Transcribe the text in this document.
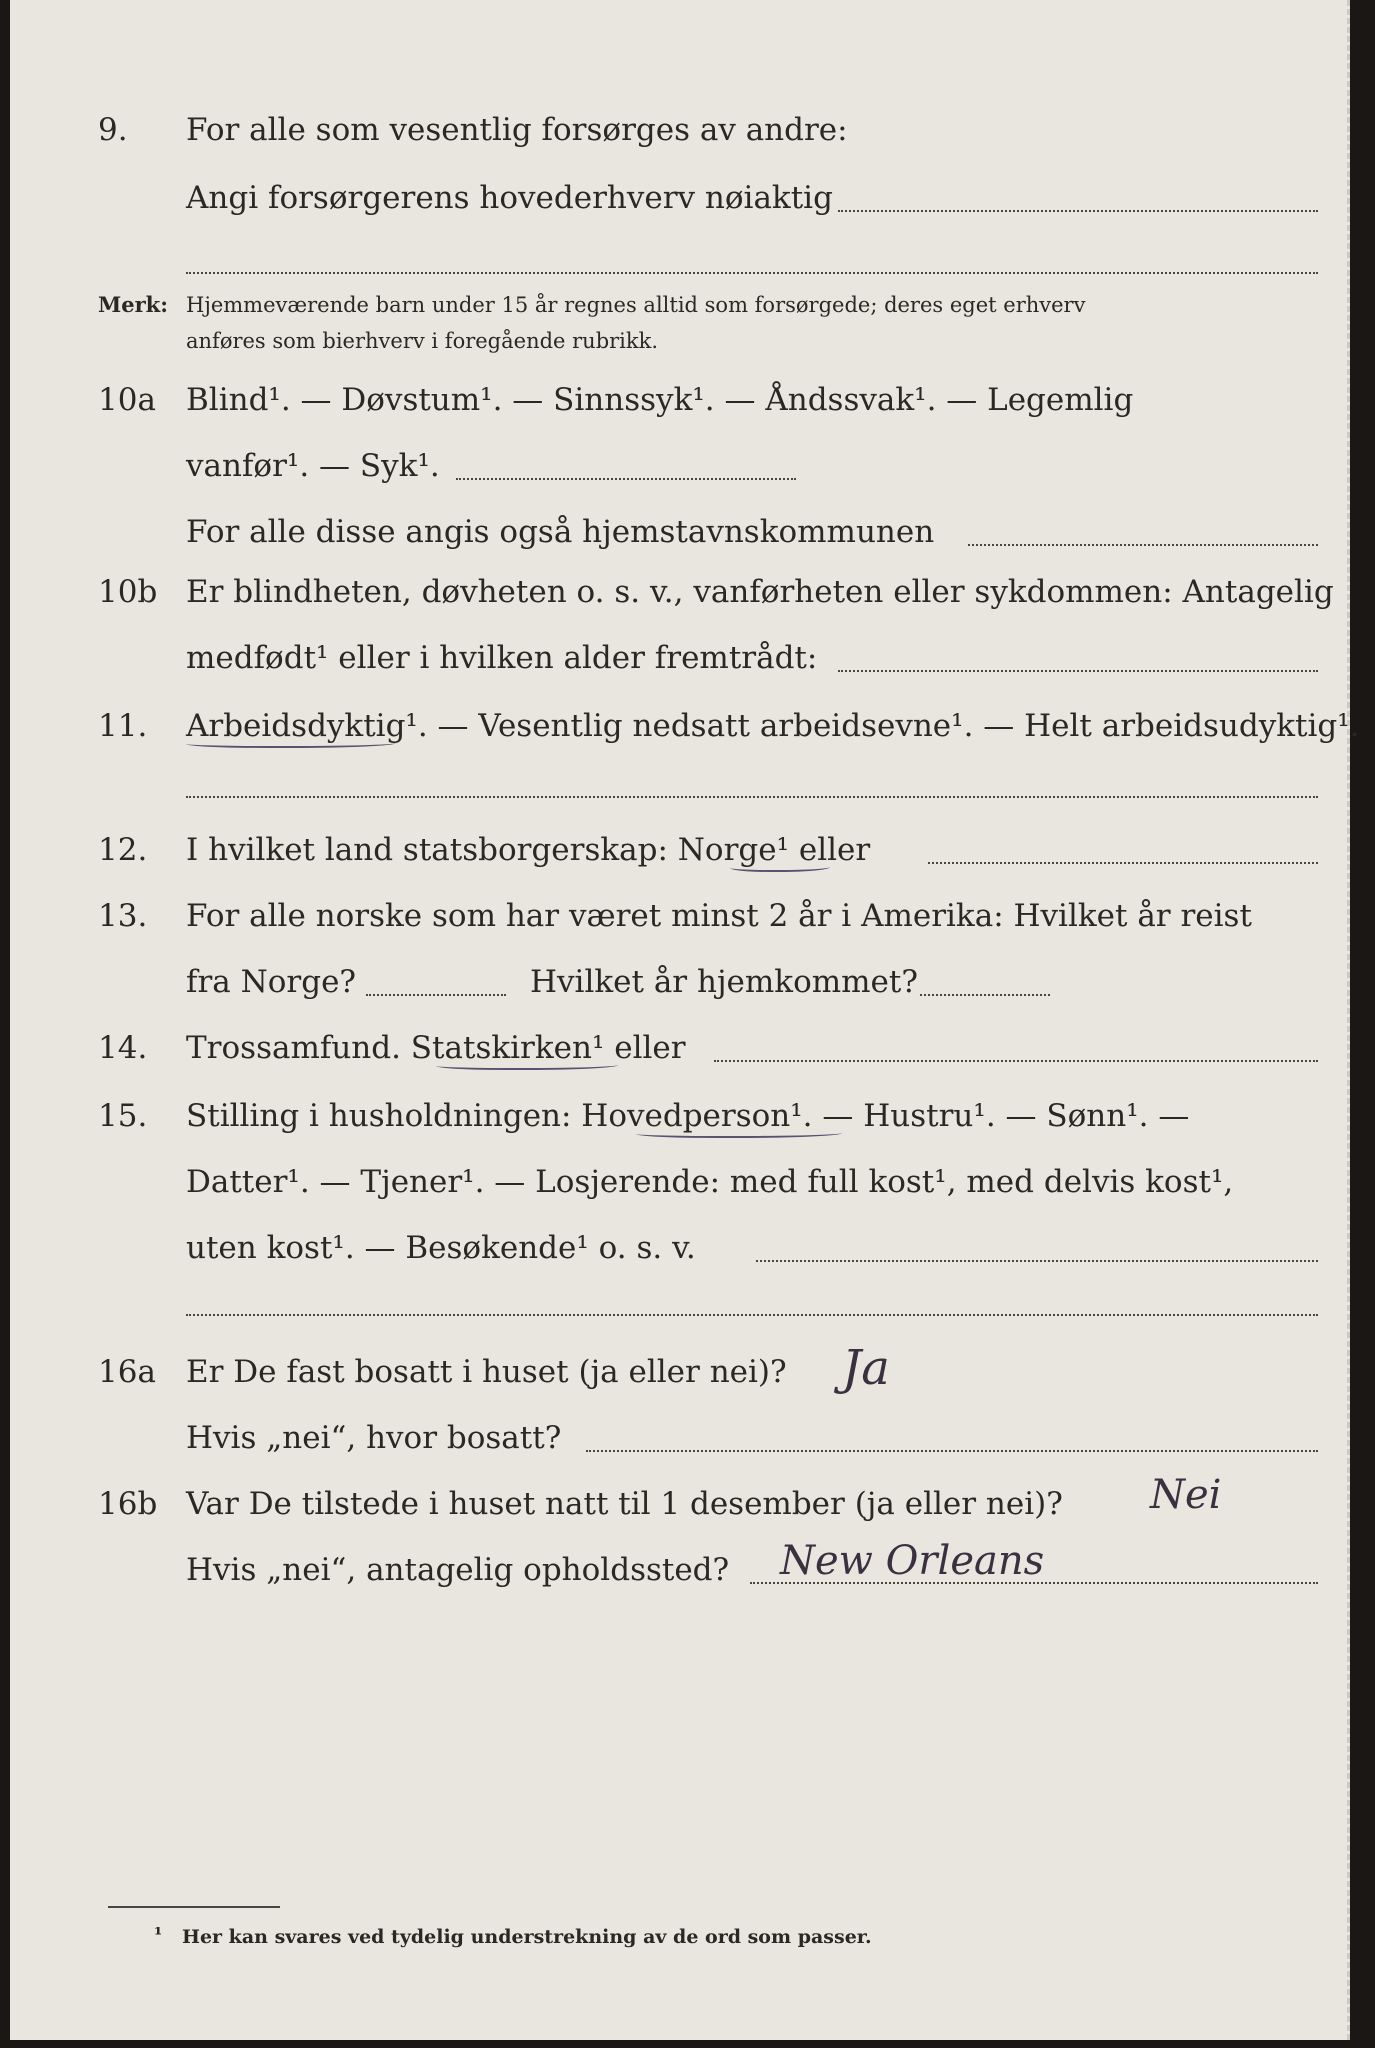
9. For alle som vesentlig forsørges av andre:
Angi forsørgerens hovederhverv nøiaktig
Merk: Hjemmeværende barn under 15 år regnes alltid som forsørgede; deres eget erhverv
anføres som bierhverv i foregående rubrikk.
10a Blind¹. — Døvstum¹. — Sinnssyk¹. — Åndssvak¹. — Legemlig
vanfør¹. — Syk¹.
For alle disse angis også hjemstavnskommunen
10b Er blindheten, døvheten o. s. v., vanførheten eller sykdommen: Antagelig
medfødt¹ eller i hvilken alder fremtrådt:
11. Arbeidsdyktig¹. — Vesentlig nedsatt arbeidsevne¹. — Helt arbeidsudyktig¹.
12. I hvilket land statsborgerskap: Norge¹ eller
13. For alle norske som har været minst 2 år i Amerika: Hvilket år reist
fra Norge?	Hvilket år hjemkommet?
14. Trossamfund. Statskirken¹ eller
15. Stilling i husholdningen: Hovedperson¹. — Hustru¹. — Sønn¹. —
Datter¹. — Tjener¹. — Losjerende: med full kost¹, med delvis kost¹,
uten kost¹. — Besøkende¹ o. s. v.
16a Er De fast bosatt i huset (ja eller nei)? Ja
Hvis „nei“, hvor bosatt?
16b Var De tilstede i huset natt til 1 desember (ja eller nei)? Nei
Hvis „nei“, antagelig opholdssted? New Orleans
¹ Her kan svares ved tydelig understrekning av de ord som passer.
